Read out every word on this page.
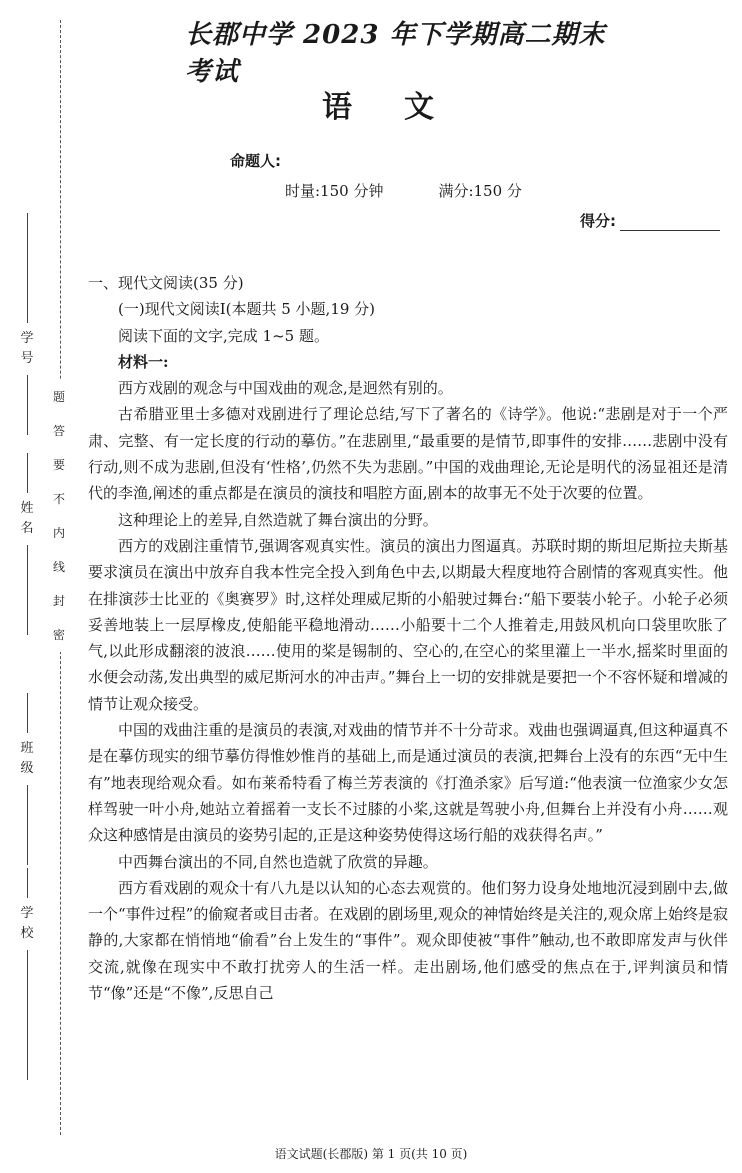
学
号
姓
名
班
级
学
校
题
答
要
不
内
线
封
密
长郡中学 2023 年下学期高二期末考试
语文
命题人:
时量:150 分钟	满分:150 分
得分:

一、现代文阅读(35 分)

(一)现代文阅读Ⅰ(本题共 5 小题,19 分)

阅读下面的文字,完成 1~5 题。

材料一:

西方戏剧的观念与中国戏曲的观念,是迥然有别的。

古希腊亚里士多德对戏剧进行了理论总结,写下了著名的《诗学》。他说:“悲剧是对于一个严肃、完整、有一定长度的行动的摹仿。”在悲剧里,“最重要的是情节,即事件的安排……悲剧中没有行动,则不成为悲剧,但没有‘性格’,仍然不失为悲剧。”中国的戏曲理论,无论是明代的汤显祖还是清代的李渔,阐述的重点都是在演员的演技和唱腔方面,剧本的故事无不处于次要的位置。

这种理论上的差异,自然造就了舞台演出的分野。

西方的戏剧注重情节,强调客观真实性。演员的演出力图逼真。苏联时期的斯坦尼斯拉夫斯基要求演员在演出中放弃自我本性完全投入到角色中去,以期最大程度地符合剧情的客观真实性。他在排演莎士比亚的《奥赛罗》时,这样处理威尼斯的小船驶过舞台:“船下要装小轮子。小轮子必须妥善地装上一层厚橡皮,使船能平稳地滑动……小船要十二个人推着走,用鼓风机向口袋里吹胀了气,以此形成翻滚的波浪……使用的桨是锡制的、空心的,在空心的桨里灌上一半水,摇桨时里面的水便会动荡,发出典型的威尼斯河水的冲击声。”舞台上一切的安排就是要把一个不容怀疑和增减的情节让观众接受。

中国的戏曲注重的是演员的表演,对戏曲的情节并不十分苛求。戏曲也强调逼真,但这种逼真不是在摹仿现实的细节摹仿得惟妙惟肖的基础上,而是通过演员的表演,把舞台上没有的东西“无中生有”地表现给观众看。如布莱希特看了梅兰芳表演的《打渔杀家》后写道:“他表演一位渔家少女怎样驾驶一叶小舟,她站立着摇着一支长不过膝的小桨,这就是驾驶小舟,但舞台上并没有小舟……观众这种感情是由演员的姿势引起的,正是这种姿势使得这场行船的戏获得名声。”

中西舞台演出的不同,自然也造就了欣赏的异趣。

西方看戏剧的观众十有八九是以认知的心态去观赏的。他们努力设身处地地沉浸到剧中去,做一个“事件过程”的偷窥者或目击者。在戏剧的剧场里,观众的神情始终是关注的,观众席上始终是寂静的,大家都在悄悄地“偷看”台上发生的“事件”。观众即使被“事件”触动,也不敢即席发声与伙伴交流,就像在现实中不敢打扰旁人的生活一样。走出剧场,他们感受的焦点在于,评判演员和情节“像”还是“不像”,反思自己

语文试题(长郡版) 第 1 页(共 10 页)
